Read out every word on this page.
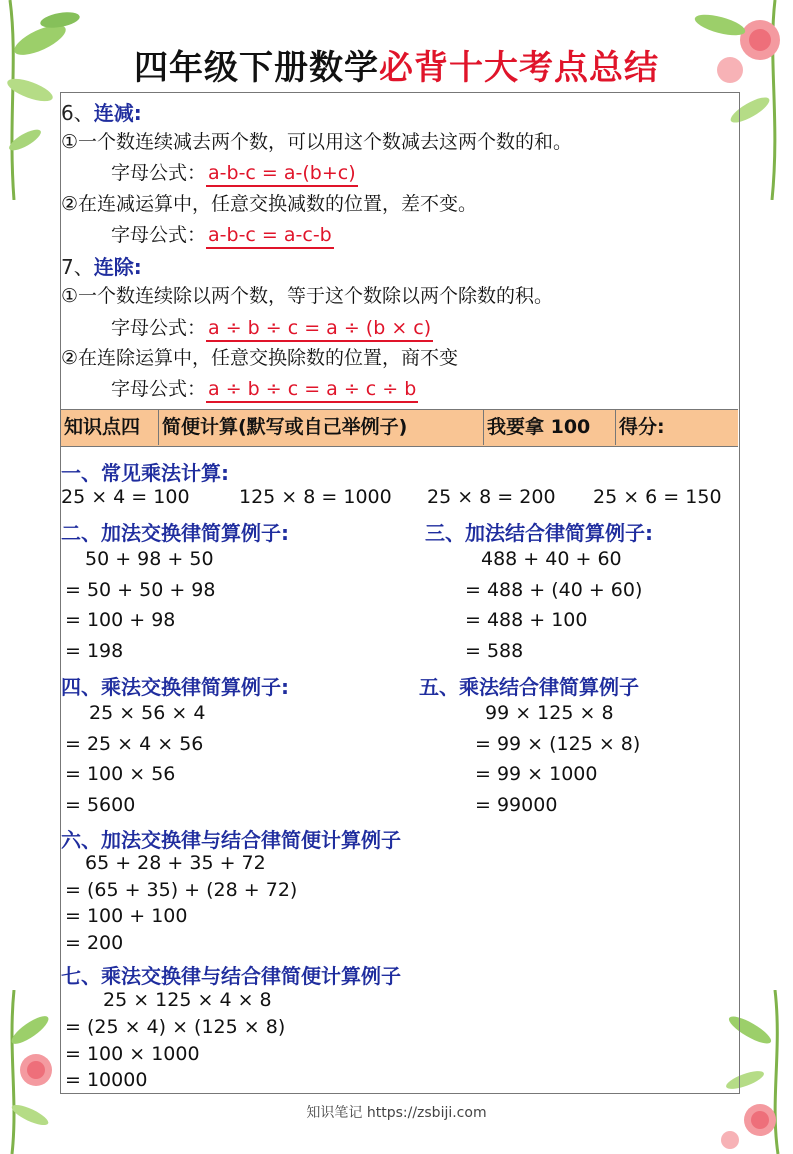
四年级下册数学必背十大考点总结
6、连减:
①一个数连续减去两个数，可以用这个数减去这两个数的和。
字母公式： a-b-c = a-(b+c)
②在连减运算中，任意交换减数的位置，差不变。
字母公式： a-b-c = a-c-b
7、连除:
①一个数连续除以两个数，等于这个数除以两个除数的积。
字母公式： a ÷ b ÷ c = a ÷ (b × c)
②在连除运算中，任意交换除数的位置，商不变
字母公式： a ÷ b ÷ c = a ÷ c ÷ b
知识点四	简便计算(默写或自己举例子)	我要拿 100	得分:
一、常见乘法计算:
25 × 4 = 100	125 × 8 = 1000 25 × 8 = 200 25 × 6 = 150
二、加法交换律简算例子:	三、加法结合律简算例子:
50 + 98 + 50
= 50 + 50 + 98
= 100 + 98
= 198
488 + 40 + 60
= 488 + (40 + 60)
= 488 + 100
= 588
四、乘法交换律简算例子:	五、乘法结合律简算例子
25 × 56 × 4
= 25 × 4 × 56
= 100 × 56
= 5600
99 × 125 × 8
= 99 × (125 × 8)
= 99 × 1000
= 99000
六、加法交换律与结合律简便计算例子
65 + 28 + 35 + 72
= (65 + 35) + (28 + 72)
= 100 + 100
= 200
七、乘法交换律与结合律简便计算例子
25 × 125 × 4 × 8
= (25 × 4) × (125 × 8)
= 100 × 1000
= 10000
知识笔记 https://zsbiji.com
